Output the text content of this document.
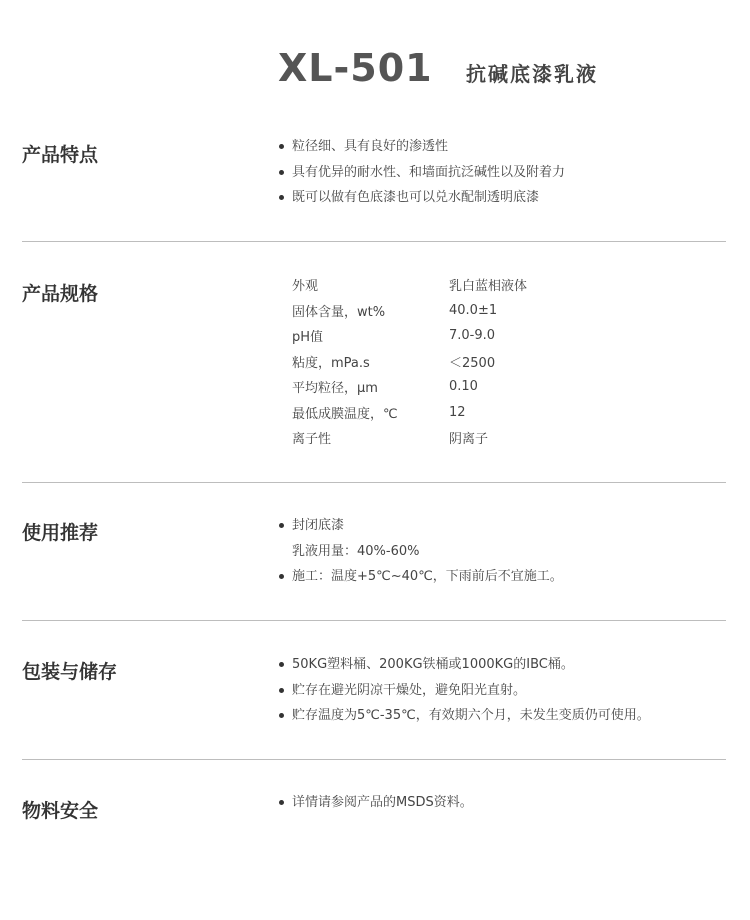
XL-501 抗碱底漆乳液
产品特点	粒径细、具有良好的渗透性
具有优异的耐水性、和墙面抗泛碱性以及附着力
既可以做有色底漆也可以兑水配制透明底漆
产品规格	外观	乳白蓝相液体
固体含量，wt%	40.0±1
pH值	7.0-9.0
粘度，mPa.s	＜2500
平均粒径，μm	0.10
最低成膜温度，℃	12
离子性	阴离子
使用推荐	封闭底漆
乳液用量：40%-60%
施工：温度+5℃~40℃，下雨前后不宜施工。
包装与储存	50KG塑料桶、200KG铁桶或1000KG的IBC桶。
贮存在避光阴凉干燥处，避免阳光直射。
贮存温度为5℃-35℃，有效期六个月，未发生变质仍可使用。
物料安全	详情请参阅产品的MSDS资料。
